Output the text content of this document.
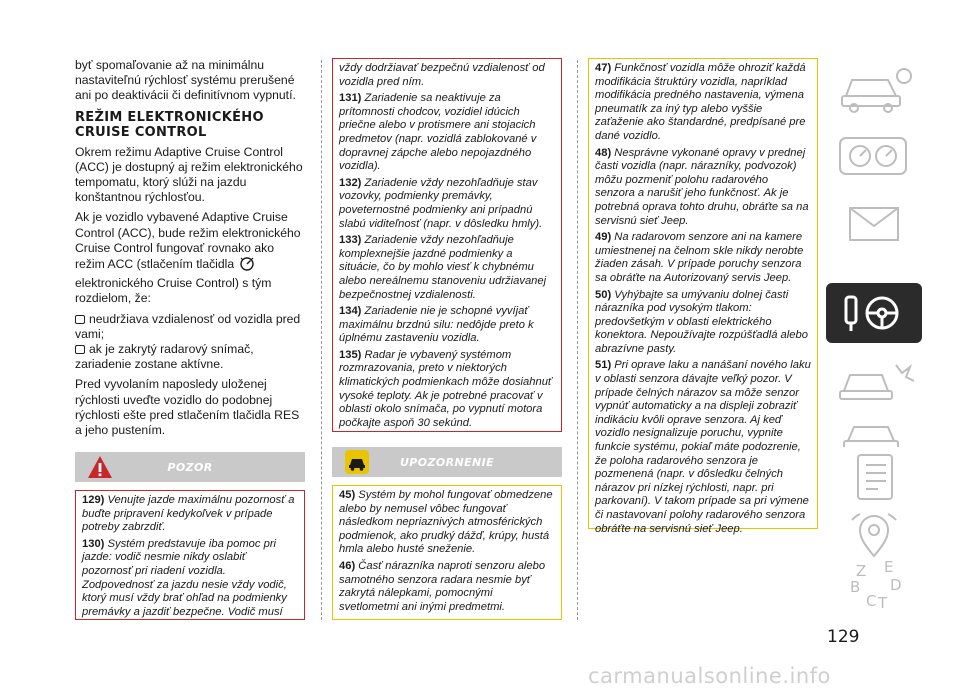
byť spomaľovanie až na minimálnu nastaviteľnú rýchlosť systému prerušené ani po deaktivácii či definitívnom vypnutí.

REŽIM ELEKTRONICKÉHO CRUISE CONTROL

Okrem režimu Adaptive Cruise Control (ACC) je dostupný aj režim elektronického tempomatu, ktorý slúži na jazdu konštantnou rýchlosťou.

Ak je vozidlo vybavené Adaptive Cruise Control (ACC), bude režim elektronického Cruise Control fungovať rovnako ako režim ACC (stlačením tlačidla  elektronického Cruise Control) s tým rozdielom, že:

neudržiava vzdialenosť od vozidla pred vami;
ak je zakrytý radarový snímač, zariadenie zostane aktívne.

Pred vyvolaním naposledy uloženej rýchlosti uveďte vozidlo do podobnej rýchlosti ešte pred stlačením tlačidla RES a jeho pustením.

POZOR
129) Venujte jazde maximálnu pozornosť a buďte pripravení kedykoľvek v prípade potreby zabrzdiť.
130) Systém predstavuje iba pomoc pri jazde: vodič nesmie nikdy oslabiť pozornosť pri riadení vozidla. Zodpovednosť za jazdu nesie vždy vodič, ktorý musí vždy brať ohľad na podmienky premávky a jazdiť bezpečne. Vodič musí
vždy dodržiavať bezpečnú vzdialenosť od vozidla pred ním.
131) Zariadenie sa neaktivuje za prítomnosti chodcov, vozidiel idúcich priečne alebo v protismere ani stojacich predmetov (napr. vozidlá zablokované v dopravnej zápche alebo nepojazdného vozidla).
132) Zariadenie vždy nezohľadňuje stav vozovky, podmienky premávky, poveternostné podmienky ani prípadnú slabú viditeľnosť (napr. v dôsledku hmly).
133) Zariadenie vždy nezohľadňuje komplexnejšie jazdné podmienky a situácie, čo by mohlo viesť k chybnému alebo nereálnemu stanoveniu udržiavanej bezpečnostnej vzdialenosti.
134) Zariadenie nie je schopné vyvíjať maximálnu brzdnú silu: nedôjde preto k úplnému zastaveniu vozidla.
135) Radar je vybavený systémom rozmrazovania, preto v niektorých klimatických podmienkach môže dosiahnuť vysoké teploty. Ak je potrebné pracovať v oblasti okolo snímača, po vypnutí motora počkajte aspoň 30 sekúnd.
UPOZORNENIE
45) Systém by mohol fungovať obmedzene alebo by nemusel vôbec fungovať následkom nepriaznivých atmosférických podmienok, ako prudký dážď, krúpy, hustá hmla alebo husté sneženie.
46) Časť nárazníka naproti senzoru alebo samotného senzora radara nesmie byť zakrytá nálepkami, pomocnými svetlometmi ani inými predmetmi.
47) Funkčnosť vozidla môže ohroziť každá modifikácia štruktúry vozidla, napríklad modifikácia predného nastavenia, výmena pneumatík za iný typ alebo vyššie zaťaženie ako štandardné, predpísané pre dané vozidlo.
48) Nesprávne vykonané opravy v prednej časti vozidla (napr. nárazníky, podvozok) môžu pozmeniť polohu radarového senzora a narušiť jeho funkčnosť. Ak je potrebná oprava tohto druhu, obráťte sa na servisnú sieť Jeep.
49) Na radarovom senzore ani na kamere umiestnenej na čelnom skle nikdy nerobte žiaden zásah. V prípade poruchy senzora sa obráťte na Autorizovaný servis Jeep.
50) Vyhýbajte sa umývaniu dolnej časti nárazníka pod vysokým tlakom: predovšetkým v oblasti elektrického konektora. Nepoužívajte rozpúšťadlá alebo abrazívne pasty.
51) Pri oprave laku a nanášaní nového laku v oblasti senzora dávajte veľký pozor. V prípade čelných nárazov sa môže senzor vypnúť automaticky a na displeji zobraziť indikáciu kvôli oprave senzora. Aj keď vozidlo nesignalizuje poruchu, vypnite funkcie systému, pokiaľ máte podozrenie, že poloha radarového senzora je pozmenená (napr. v dôsledku čelných nárazov pri nízkej rýchlosti, napr. pri parkovaní). V takom prípade sa pri výmene či nastavovaní polohy radarového senzora obráťte na servisnú sieť Jeep.
Z E
B D
C T
129
carmanualsonline.info
